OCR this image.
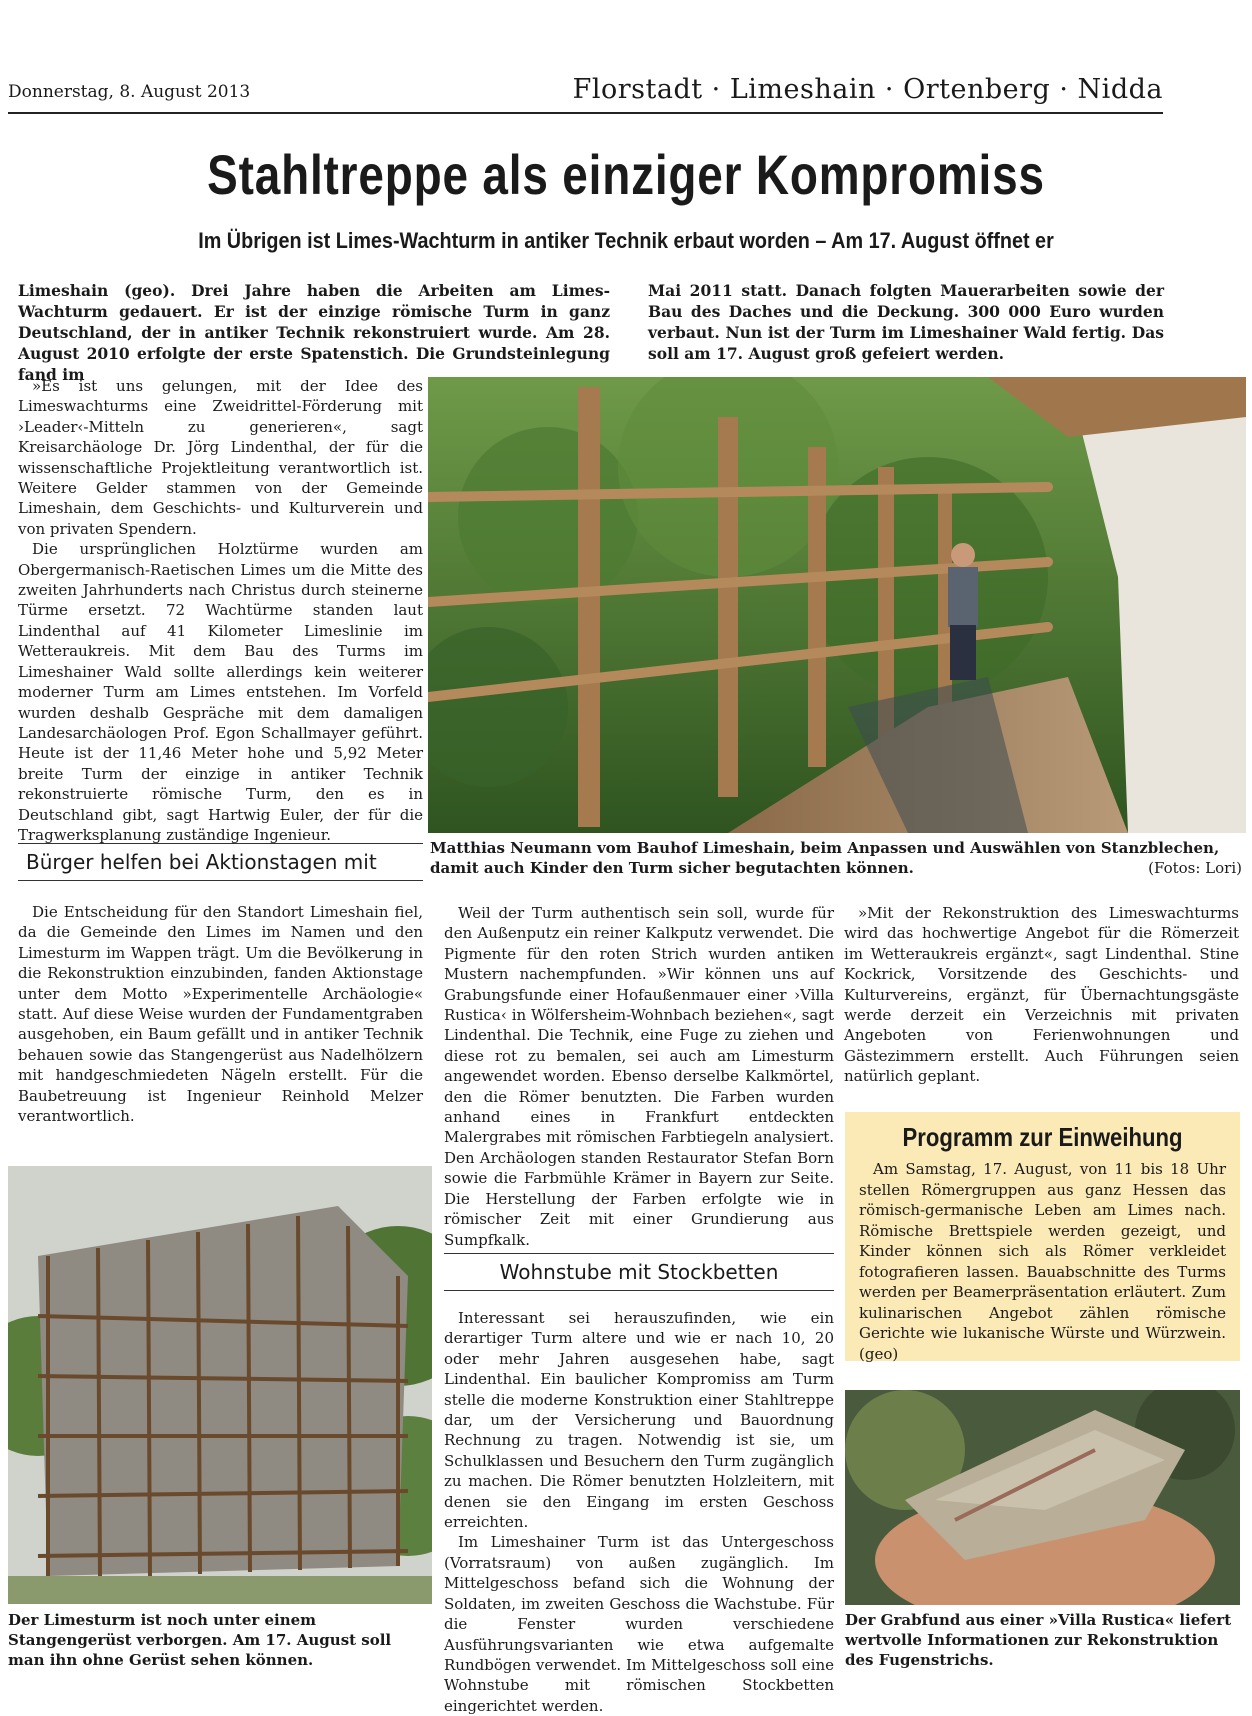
Donnerstag, 8. August 2013	Florstadt · Limeshain · Ortenberg · Nidda
Stahltreppe als einziger Kompromiss
Im Übrigen ist Limes-Wachturm in antiker Technik erbaut worden – Am 17. August öffnet er
Limeshain (geo). Drei Jahre haben die Arbeiten am Limes-Wachturm gedauert. Er ist der einzige römische Turm in ganz Deutschland, der in antiker Technik rekonstruiert wurde. Am 28. August 2010 erfolgte der erste Spatenstich. Die Grundsteinlegung fand im
Mai 2011 statt. Danach folgten Mauerarbeiten sowie der Bau des Daches und die Deckung. 300 000 Euro wurden verbaut. Nun ist der Turm im Limeshainer Wald fertig. Das soll am 17. August groß gefeiert werden.

»Es ist uns gelungen, mit der Idee des Limeswachturms eine Zweidrittel-Förderung mit ›Leader‹-Mitteln zu generieren«, sagt Kreisarchäologe Dr. Jörg Lindenthal, der für die wissenschaftliche Projektleitung verantwortlich ist. Weitere Gelder stammen von der Gemeinde Limeshain, dem Geschichts- und Kulturverein und von privaten Spendern.

Die ursprünglichen Holztürme wurden am Obergermanisch-Raetischen Limes um die Mitte des zweiten Jahrhunderts nach Christus durch steinerne Türme ersetzt. 72 Wachtürme standen laut Lindenthal auf 41 Kilometer Limeslinie im Wetteraukreis. Mit dem Bau des Turms im Limeshainer Wald sollte allerdings kein weiterer moderner Turm am Limes entstehen. Im Vorfeld wurden deshalb Gespräche mit dem damaligen Landesarchäologen Prof. Egon Schallmayer geführt. Heute ist der 11,46 Meter hohe und 5,92 Meter breite Turm der einzige in antiker Technik rekonstruierte römische Turm, den es in Deutschland gibt, sagt Hartwig Euler, der für die Tragwerksplanung zuständige Ingenieur.

Bürger helfen bei Aktionstagen mit

Die Entscheidung für den Standort Limeshain fiel, da die Gemeinde den Limes im Namen und den Limesturm im Wappen trägt. Um die Bevölkerung in die Rekonstruktion einzubinden, fanden Aktionstage unter dem Motto »Experimentelle Archäologie« statt. Auf diese Weise wurden der Fundamentgraben ausgehoben, ein Baum gefällt und in antiker Technik behauen sowie das Stangengerüst aus Nadelhölzern mit handgeschmiedeten Nägeln erstellt. Für die Baubetreuung ist Ingenieur Reinhold Melzer verantwortlich.

Matthias Neumann vom Bauhof Limeshain, beim Anpassen und Auswählen von Stanzblechen, damit auch Kinder den Turm sicher begutachten können.	(Fotos: Lori)

Weil der Turm authentisch sein soll, wurde für den Außenputz ein reiner Kalkputz verwendet. Die Pigmente für den roten Strich wurden antiken Mustern nachempfunden. »Wir können uns auf Grabungsfunde einer Hofaußenmauer einer ›Villa Rustica‹ in Wölfersheim-Wohnbach beziehen«, sagt Lindenthal. Die Technik, eine Fuge zu ziehen und diese rot zu bemalen, sei auch am Limesturm angewendet worden. Ebenso derselbe Kalkmörtel, den die Römer benutzten. Die Farben wurden anhand eines in Frankfurt entdeckten Malergrabes mit römischen Farbtiegeln analysiert. Den Archäologen standen Restaurator Stefan Born sowie die Farbmühle Krämer in Bayern zur Seite. Die Herstellung der Farben erfolgte wie in römischer Zeit mit einer Grundierung aus Sumpfkalk.

Wohnstube mit Stockbetten

Interessant sei herauszufinden, wie ein derartiger Turm altere und wie er nach 10, 20 oder mehr Jahren ausgesehen habe, sagt Lindenthal. Ein baulicher Kompromiss am Turm stelle die moderne Konstruktion einer Stahltreppe dar, um der Versicherung und Bauordnung Rechnung zu tragen. Notwendig ist sie, um Schulklassen und Besuchern den Turm zugänglich zu machen. Die Römer benutzten Holzleitern, mit denen sie den Eingang im ersten Geschoss erreichten.

Im Limeshainer Turm ist das Untergeschoss (Vorratsraum) von außen zugänglich. Im Mittelgeschoss befand sich die Wohnung der Soldaten, im zweiten Geschoss die Wachstube. Für die Fenster wurden verschiedene Ausführungsvarianten wie etwa aufgemalte Rundbögen verwendet. Im Mittelgeschoss soll eine Wohnstube mit römischen Stockbetten eingerichtet werden.

»Mit der Rekonstruktion des Limeswachturms wird das hochwertige Angebot für die Römerzeit im Wetteraukreis ergänzt«, sagt Lindenthal. Stine Kockrick, Vorsitzende des Geschichts- und Kulturvereins, ergänzt, für Übernachtungsgäste werde derzeit ein Verzeichnis mit privaten Angeboten von Ferienwohnungen und Gästezimmern erstellt. Auch Führungen seien natürlich geplant.

Programm zur Einweihung
Am Samstag, 17. August, von 11 bis 18 Uhr stellen Römergruppen aus ganz Hessen das römisch-germanische Leben am Limes nach. Römische Brettspiele werden gezeigt, und Kinder können sich als Römer verkleidet fotografieren lassen. Bauabschnitte des Turms werden per Beamerpräsentation erläutert. Zum kulinarischen Angebot zählen römische Gerichte wie lukanische Würste und Würzwein. (geo)
Der Limesturm ist noch unter einem Stangengerüst verborgen. Am 17. August soll man ihn ohne Gerüst sehen können.
Der Grabfund aus einer »Villa Rustica« liefert wertvolle Informationen zur Rekonstruktion des Fugenstrichs.
